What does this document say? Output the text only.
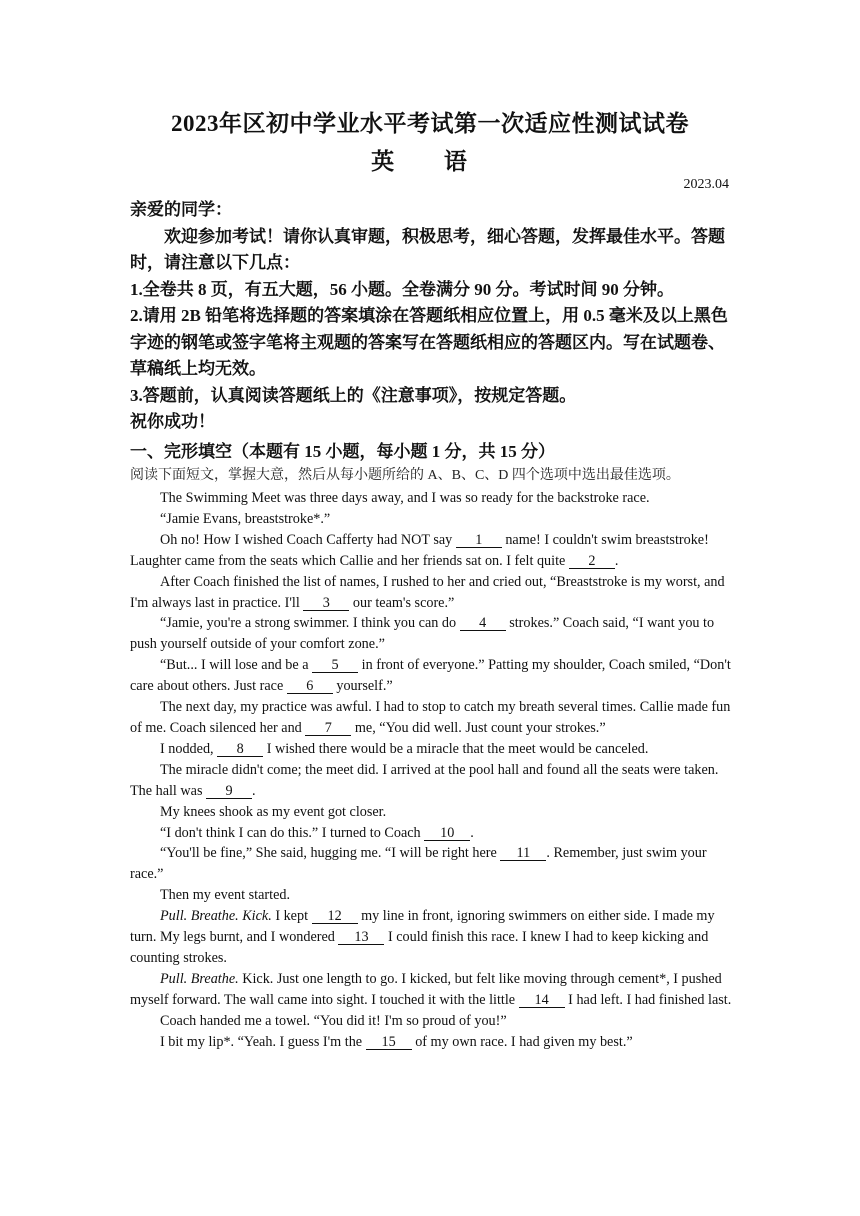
2023年区初中学业水平考试第一次适应性测试试卷
英 语
2023.04

亲爱的同学：

欢迎参加考试！请你认真审题，积极思考，细心答题，发挥最佳水平。答题时，请注意以下几点：

1.全卷共 8 页，有五大题，56 小题。全卷满分 90 分。考试时间 90 分钟。

2.请用 2B 铅笔将选择题的答案填涂在答题纸相应位置上，用 0.5 毫米及以上黑色字迹的钢笔或签字笔将主观题的答案写在答题纸相应的答题区内。写在试题卷、草稿纸上均无效。

3.答题前，认真阅读答题纸上的《注意事项》，按规定答题。

祝你成功！

一、完形填空（本题有 15 小题，每小题 1 分，共 15 分）
阅读下面短文，掌握大意，然后从每小题所给的 A、B、C、D 四个选项中选出最佳选项。

The Swimming Meet was three days away, and I was so ready for the backstroke race.

“Jamie Evans, breaststroke*.”

Oh no! How I wished Coach Cafferty had NOT say 1 name! I couldn't swim breaststroke! Laughter came from the seats which Callie and her friends sat on. I felt quite 2 .

After Coach finished the list of names, I rushed to her and cried out, “Breaststroke is my worst, and I'm always last in practice. I'll 3 our team's score.”

“Jamie, you're a strong swimmer. I think you can do 4 strokes.” Coach said, “I want you to push yourself outside of your comfort zone.”

“But... I will lose and be a 5 in front of everyone.” Patting my shoulder, Coach smiled, “Don't care about others. Just race 6 yourself.”

The next day, my practice was awful. I had to stop to catch my breath several times. Callie made fun of me. Coach silenced her and 7 me, “You did well. Just count your strokes.”

I nodded, 8 I wished there would be a miracle that the meet would be canceled.

The miracle didn't come; the meet did. I arrived at the pool hall and found all the seats were taken. The hall was 9 .

My knees shook as my event got closer.

“I don't think I can do this.” I turned to Coach 10 .

“You'll be fine,” She said, hugging me. “I will be right here 11 . Remember, just swim your race.”

Then my event started.

Pull. Breathe. Kick. I kept 12 my line in front, ignoring swimmers on either side. I made my turn. My legs burnt, and I wondered 13 I could finish this race. I knew I had to keep kicking and counting strokes.

Pull. Breathe. Kick. Just one length to go. I kicked, but felt like moving through cement*, I pushed myself forward. The wall came into sight. I touched it with the little 14 I had left. I had finished last.

Coach handed me a towel. “You did it! I'm so proud of you!”

I bit my lip*. “Yeah. I guess I'm the 15 of my own race. I had given my best.”
